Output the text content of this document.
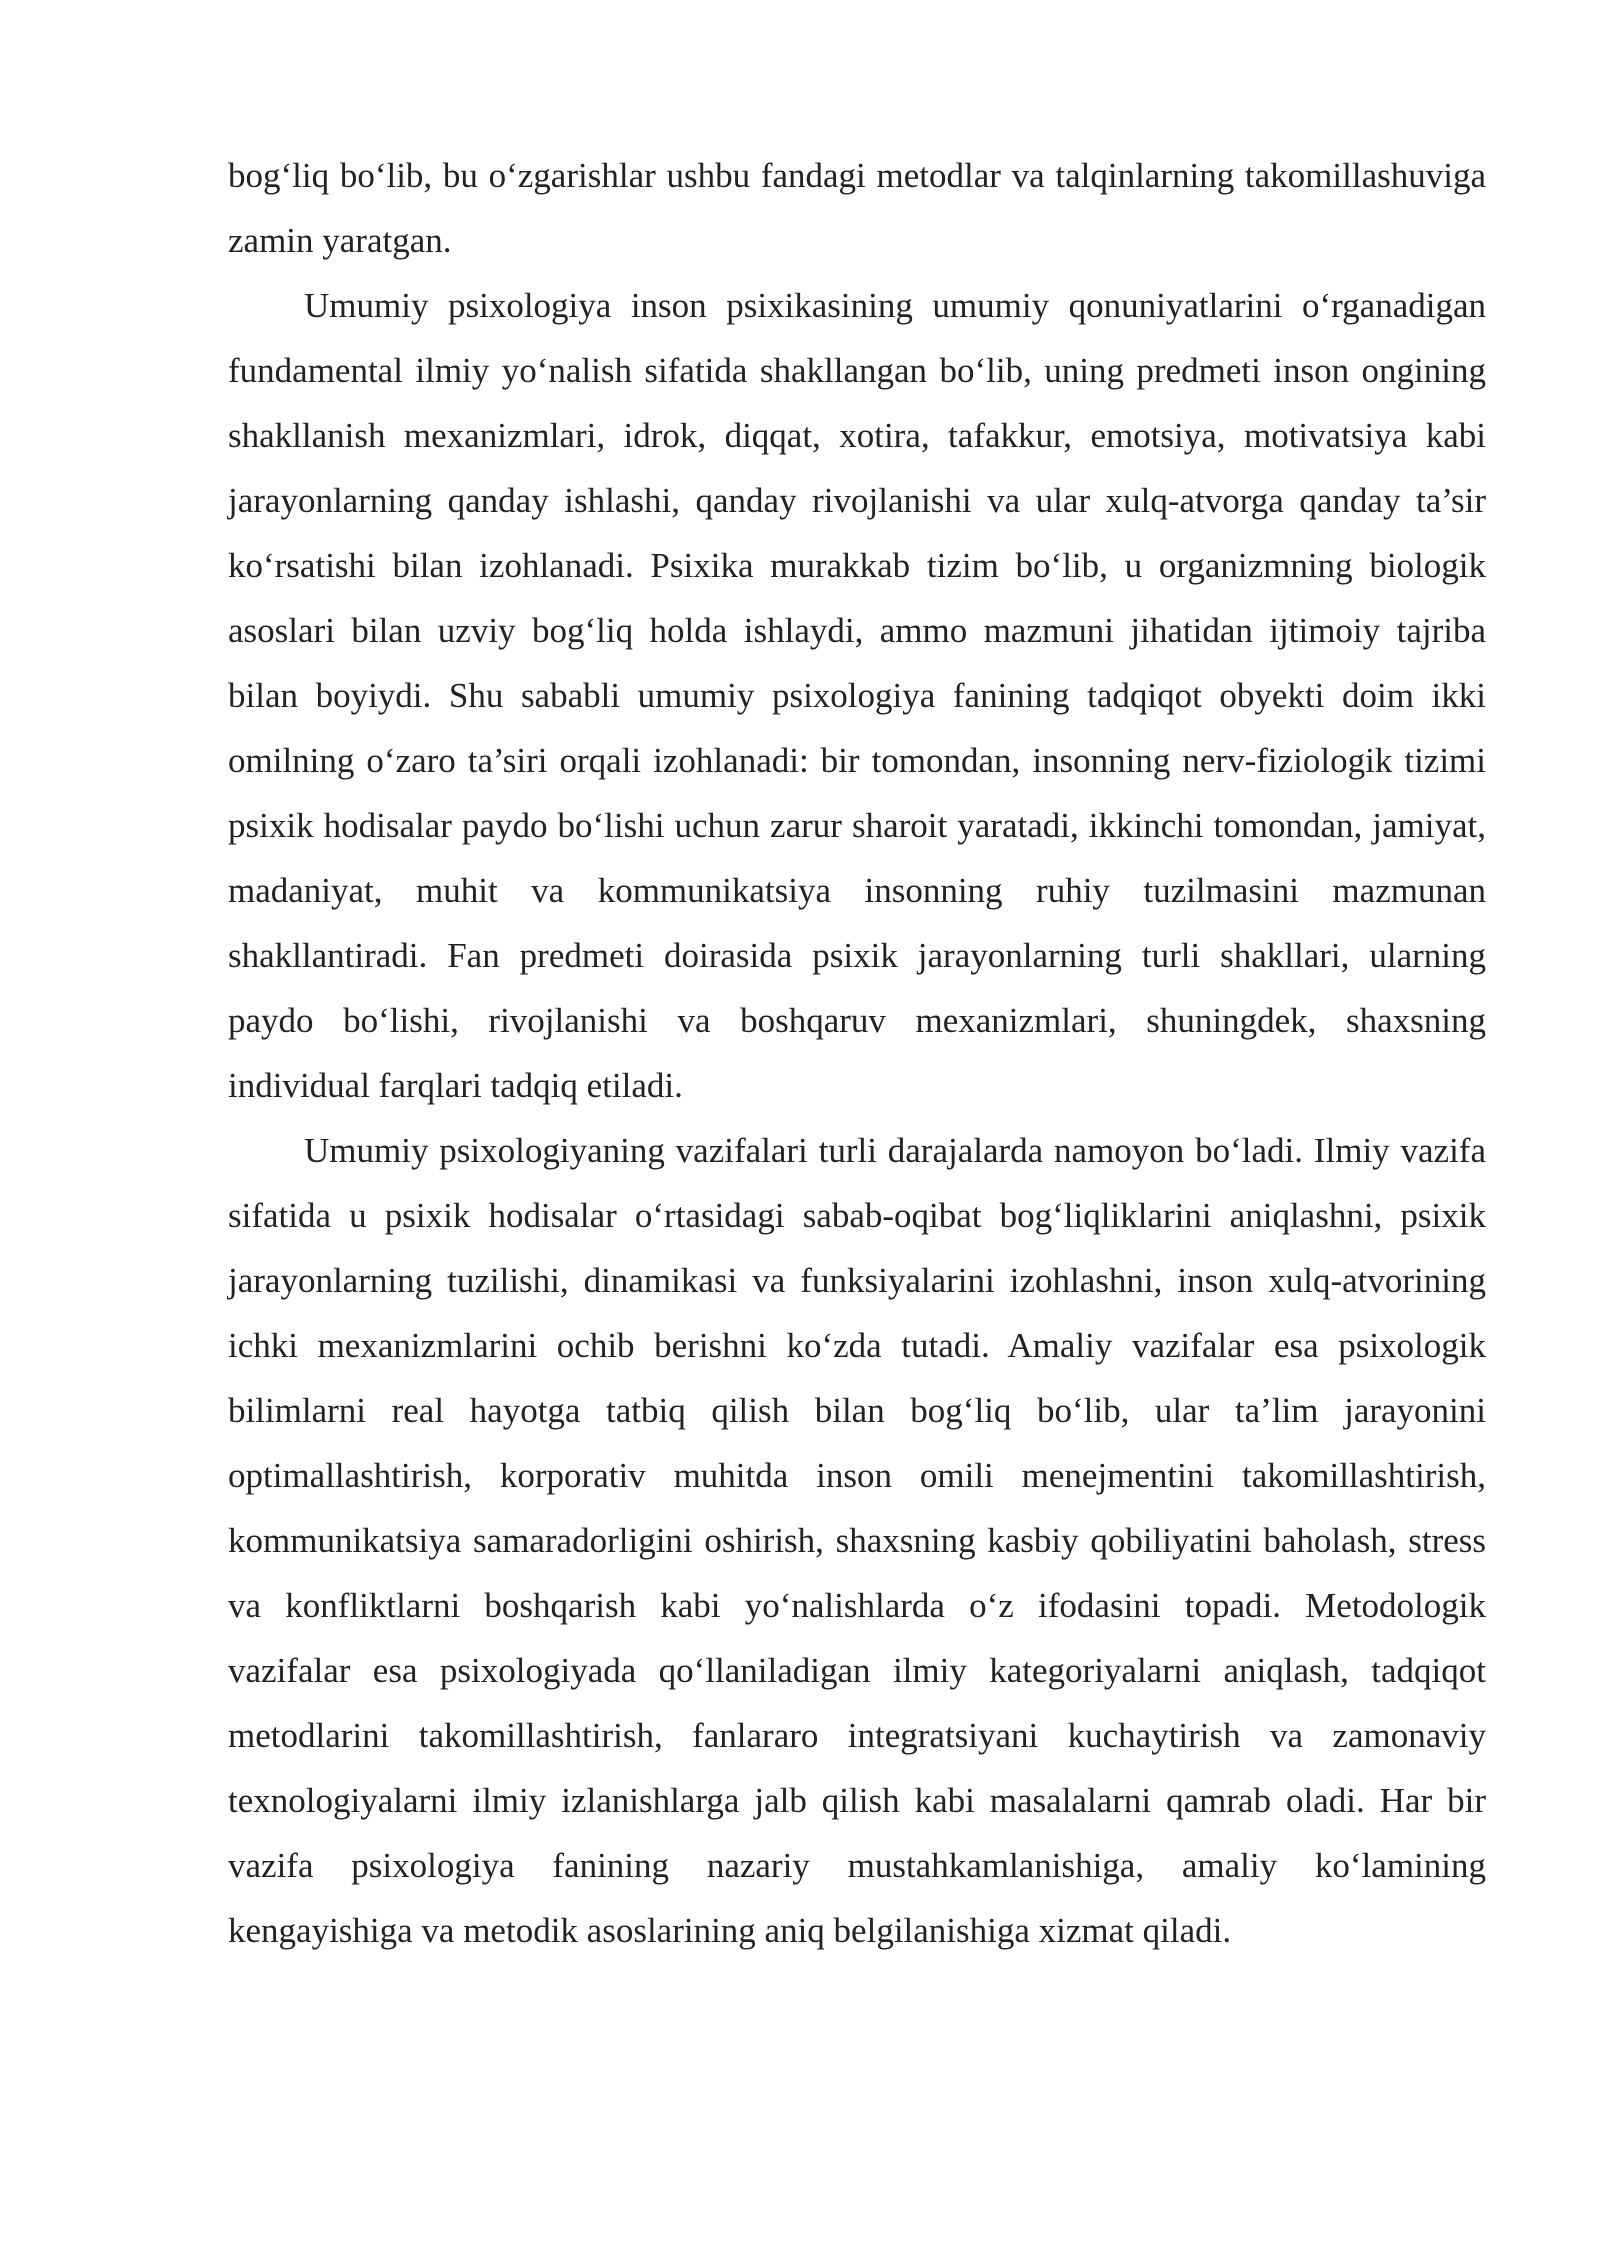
bog‘liq bo‘lib, bu o‘zgarishlar ushbu fandagi metodlar va talqinlarning takomillashuviga zamin yaratgan.

Umumiy psixologiya inson psixikasining umumiy qonuniyatlarini o‘rganadigan fundamental ilmiy yo‘nalish sifatida shakllangan bo‘lib, uning predmeti inson ongining shakllanish mexanizmlari, idrok, diqqat, xotira, tafakkur, emotsiya, motivatsiya kabi jarayonlarning qanday ishlashi, qanday rivojlanishi va ular xulq-atvorga qanday ta’sir ko‘rsatishi bilan izohlanadi. Psixika murakkab tizim bo‘lib, u organizmning biologik asoslari bilan uzviy bog‘liq holda ishlaydi, ammo mazmuni jihatidan ijtimoiy tajriba bilan boyiydi. Shu sababli umumiy psixologiya fanining tadqiqot obyekti doim ikki omilning o‘zaro ta’siri orqali izohlanadi: bir tomondan, insonning nerv-fiziologik tizimi psixik hodisalar paydo bo‘lishi uchun zarur sharoit yaratadi, ikkinchi tomondan, jamiyat, madaniyat, muhit va kommunikatsiya insonning ruhiy tuzilmasini mazmunan shakllantiradi. Fan predmeti doirasida psixik jarayonlarning turli shakllari, ularning paydo bo‘lishi, rivojlanishi va boshqaruv mexanizmlari, shuningdek, shaxsning individual farqlari tadqiq etiladi.

Umumiy psixologiyaning vazifalari turli darajalarda namoyon bo‘ladi. Ilmiy vazifa sifatida u psixik hodisalar o‘rtasidagi sabab-oqibat bog‘liqliklarini aniqlashni, psixik jarayonlarning tuzilishi, dinamikasi va funksiyalarini izohlashni, inson xulq-atvorining ichki mexanizmlarini ochib berishni ko‘zda tutadi. Amaliy vazifalar esa psixologik bilimlarni real hayotga tatbiq qilish bilan bog‘liq bo‘lib, ular ta’lim jarayonini optimallashtirish, korporativ muhitda inson omili menejmentini takomillashtirish, kommunikatsiya samaradorligini oshirish, shaxsning kasbiy qobiliyatini baholash, stress va konfliktlarni boshqarish kabi yo‘nalishlarda o‘z ifodasini topadi. Metodologik vazifalar esa psixologiyada qo‘llaniladigan ilmiy kategoriyalarni aniqlash, tadqiqot metodlarini takomillashtirish, fanlararo integratsiyani kuchaytirish va zamonaviy texnologiyalarni ilmiy izlanishlarga jalb qilish kabi masalalarni qamrab oladi. Har bir vazifa psixologiya fanining nazariy mustahkamlanishiga, amaliy ko‘lamining kengayishiga va metodik asoslarining aniq belgilanishiga xizmat qiladi.
